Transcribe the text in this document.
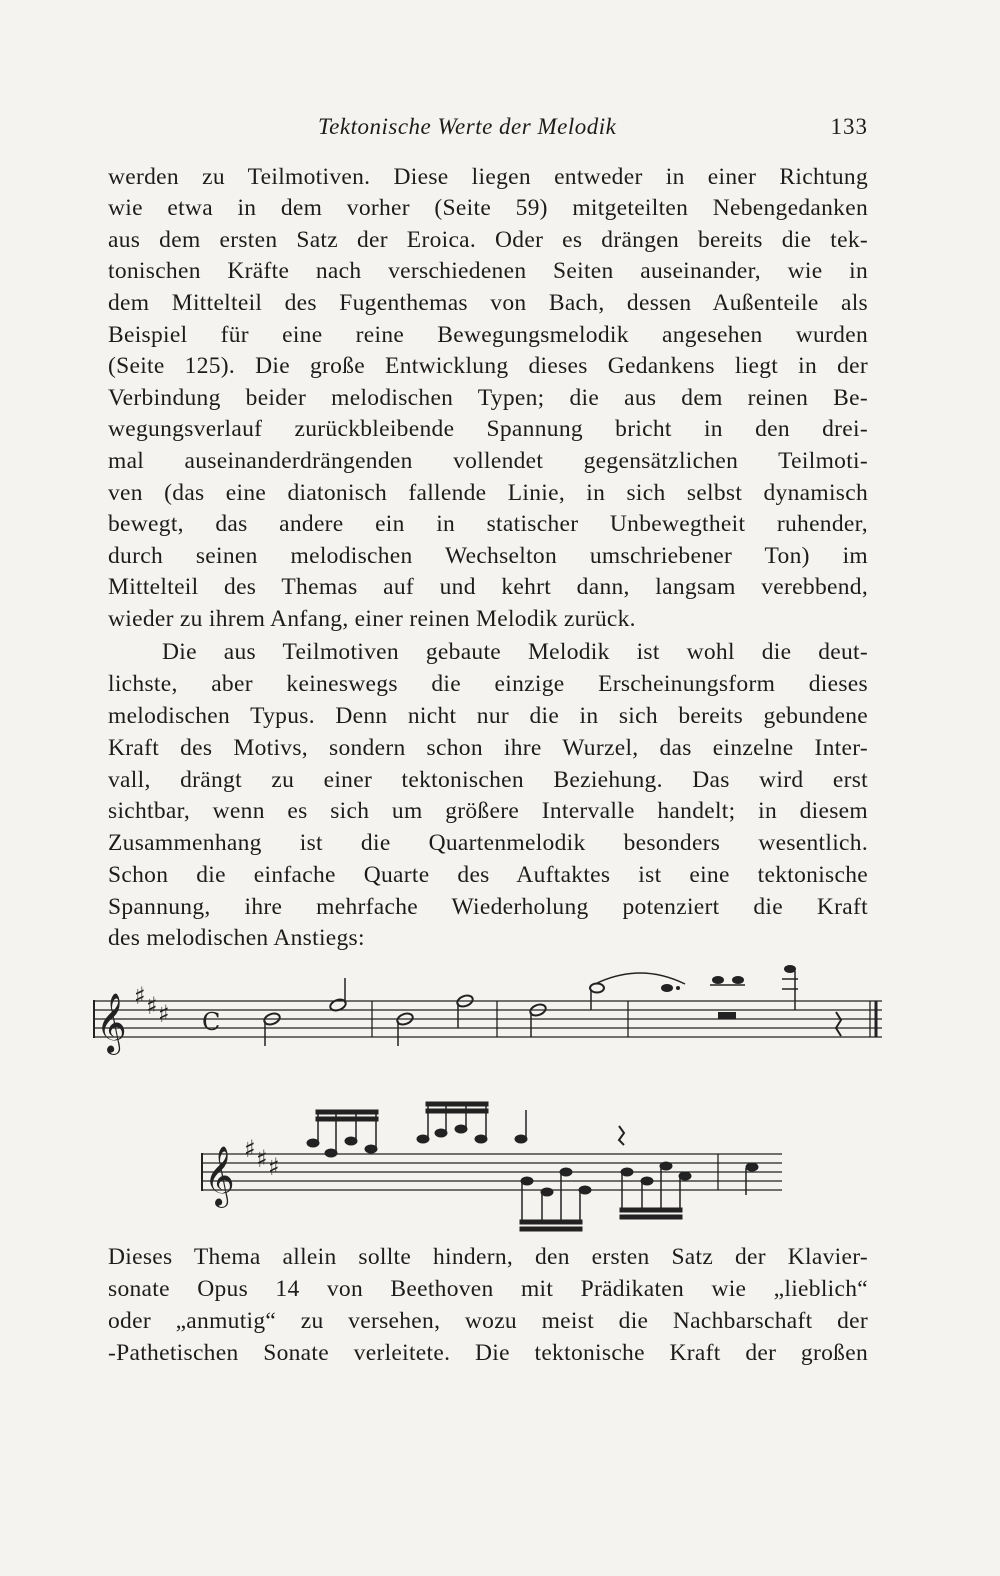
Tektonische Werte der Melodik	133
werden zu Teilmotiven. Diese liegen entweder in einer Richtung
wie etwa in dem vorher (Seite 59) mitgeteilten Nebengedanken
aus dem ersten Satz der Eroica. Oder es drängen bereits die tek-
tonischen Kräfte nach verschiedenen Seiten auseinander, wie in
dem Mittelteil des Fugenthemas von Bach, dessen Außenteile als
Beispiel für eine reine Bewegungsmelodik angesehen wurden
(Seite 125). Die große Entwicklung dieses Gedankens liegt in der
Verbindung beider melodischen Typen; die aus dem reinen Be-
wegungsverlauf zurückbleibende Spannung bricht in den drei-
mal auseinanderdrängenden vollendet gegensätzlichen Teilmoti-
ven (das eine diatonisch fallende Linie, in sich selbst dynamisch
bewegt, das andere ein in statischer Unbewegtheit ruhender,
durch seinen melodischen Wechselton umschriebener Ton) im
Mittelteil des Themas auf und kehrt dann, langsam verebbend,
wieder zu ihrem Anfang, einer reinen Melodik zurück.
Die aus Teilmotiven gebaute Melodik ist wohl die deut-
lichste, aber keineswegs die einzige Erscheinungsform dieses
melodischen Typus. Denn nicht nur die in sich bereits gebundene
Kraft des Motivs, sondern schon ihre Wurzel, das einzelne Inter-
vall, drängt zu einer tektonischen Beziehung. Das wird erst
sichtbar, wenn es sich um größere Intervalle handelt; in diesem
Zusammenhang ist die Quartenmelodik besonders wesentlich.
Schon die einfache Quarte des Auftaktes ist eine tektonische
Spannung, ihre mehrfache Wiederholung potenziert die Kraft
des melodischen Anstiegs:
𝄞 ♯ ♯ ♯ C
𝄞 ♯ ♯ ♯
Dieses Thema allein sollte hindern, den ersten Satz der Klavier-
sonate Opus 14 von Beethoven mit Prädikaten wie „lieblich“
oder „anmutig“ zu versehen, wozu meist die Nachbarschaft der
-Pathetischen Sonate verleitete. Die tektonische Kraft der großen
